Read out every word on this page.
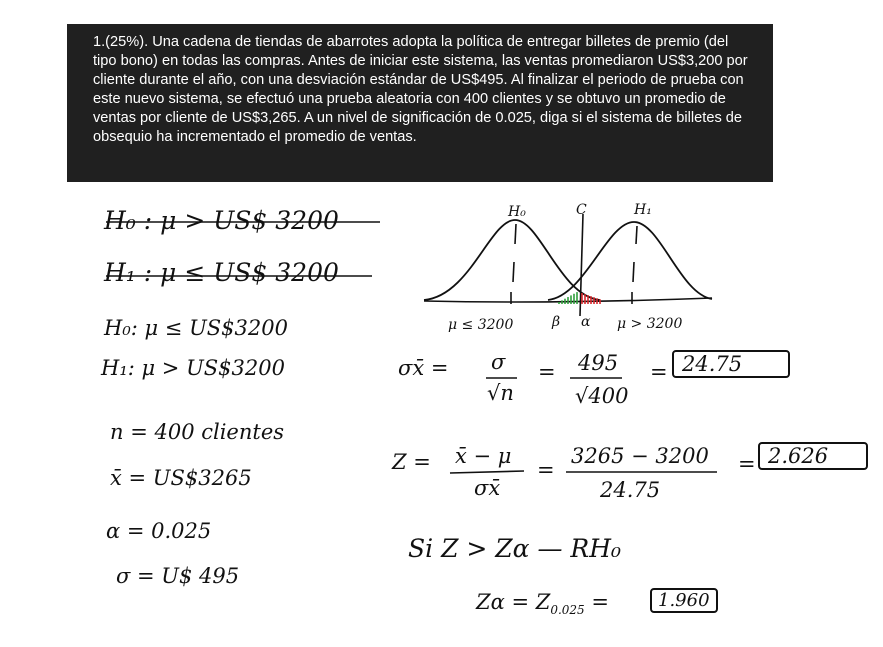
1.(25%). Una cadena de tiendas de abarrotes adopta la política de entregar billetes de premio (del tipo bono) en todas las compras. Antes de iniciar este sistema, las ventas promediaron US$3,200 por cliente durante el año, con una desviación estándar de US$495. Al finalizar el periodo de prueba con este nuevo sistema, se efectuó una prueba aleatoria con 400 clientes y se obtuvo un promedio de ventas por cliente de US$3,265. A un nivel de significación de 0.025, diga si el sistema de billetes de obsequio ha incrementado el promedio de ventas.

H₀	C	H₁
μ ≤ 3200	β α μ > 3200
H₀ : μ > US$ 3200
H₁ : μ ≤ US$ 3200
H₀: μ ≤ US$3200
H₁: μ > US$3200
n = 400 clientes
x̄ = US$3265
α = 0.025
σ = U$ 495
σx̄ = σ
√n
= 495
√400
= 24.75
Z = x̄ − μ
σx̄
=
3265 − 3200
24.75
= 2.626
Si Z > Zα — RH₀
$Z\alpha = Z_{0.025}$ =	1.960
